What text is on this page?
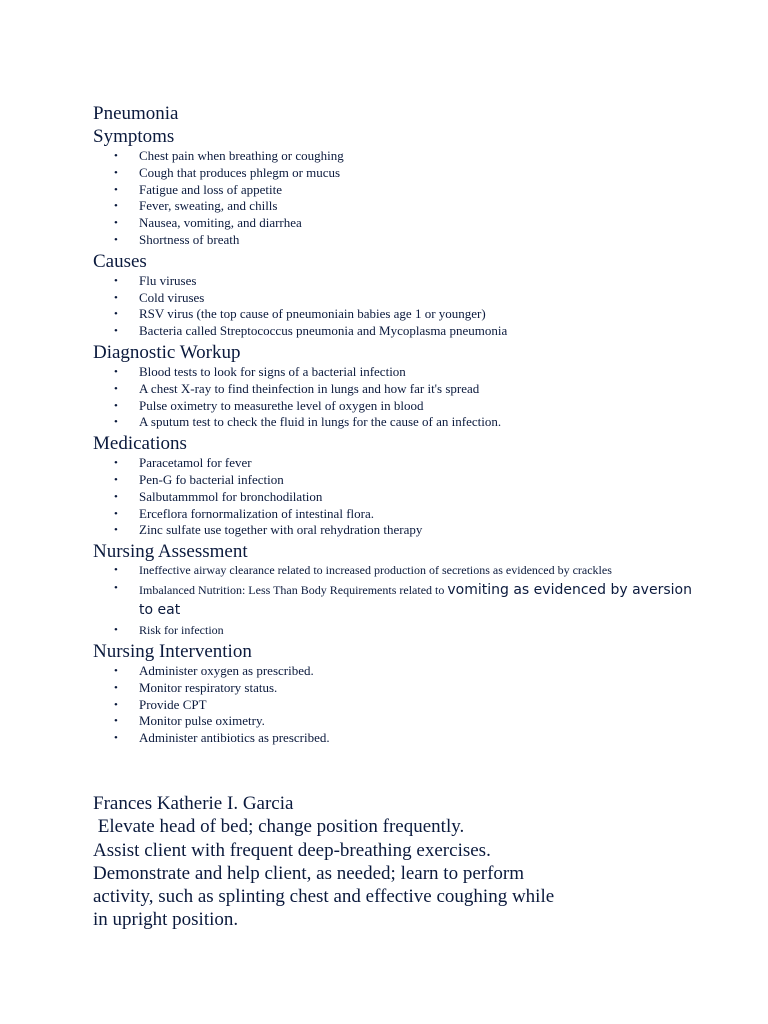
Pneumonia
Symptoms
• Chest pain when breathing or coughing
• Cough that produces phlegm or mucus
• Fatigue and loss of appetite
• Fever, sweating, and chills
• Nausea, vomiting, and diarrhea
• Shortness of breath
Causes
• Flu viruses
• Cold viruses
• RSV virus (the top cause of pneumoniain babies age 1 or younger)
• Bacteria called Streptococcus pneumonia and Mycoplasma pneumonia
Diagnostic Workup
• Blood tests to look for signs of a bacterial infection
• A chest X-ray to find theinfection in lungs and how far it's spread
• Pulse oximetry to measurethe level of oxygen in blood
• A sputum test to check the fluid in lungs for the cause of an infection.
Medications
• Paracetamol for fever
• Pen-G fo bacterial infection
• Salbutammmol for bronchodilation
• Erceflora fornormalization of intestinal flora.
• Zinc sulfate use together with oral rehydration therapy
Nursing Assessment
• Ineffective airway clearance related to increased production of secretions as evidenced by crackles
• Imbalanced Nutrition: Less Than Body Requirements related to vomiting as evidenced by aversion to eat
• Risk for infection
Nursing Intervention
• Administer oxygen as prescribed.
• Monitor respiratory status.
• Provide CPT
• Monitor pulse oximetry.
• Administer antibiotics as prescribed.
Frances Katherie I. Garcia
Elevate head of bed; change position frequently.
Assist client with frequent deep-breathing exercises.
Demonstrate and help client, as needed; learn to perform
activity, such as splinting chest and effective coughing while
in upright position.
